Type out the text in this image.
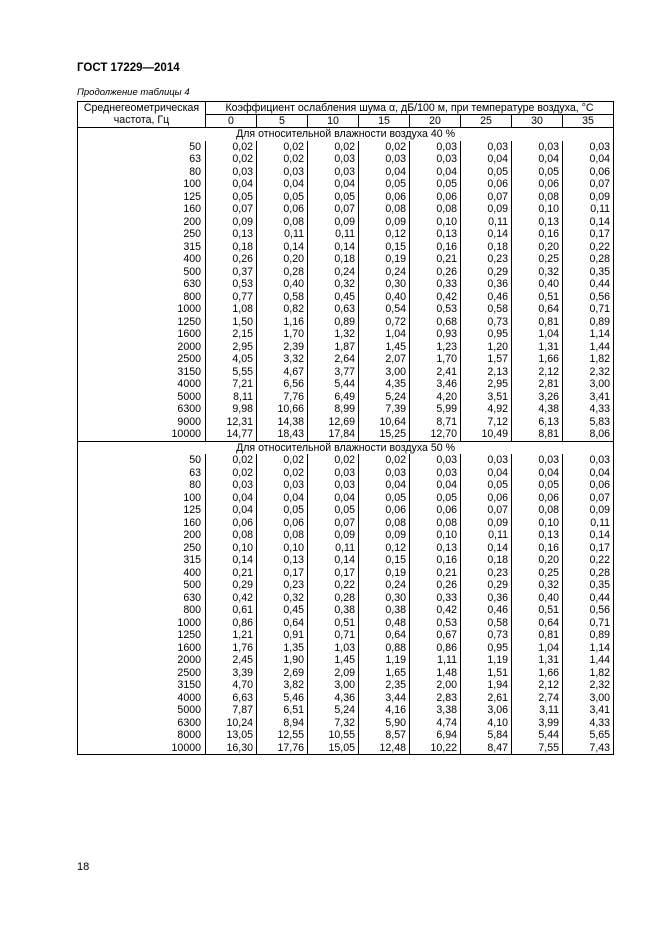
ГОСТ 17229—2014
Продолжение таблицы 4
Среднегеометрическая
частота, Гц	Коэффициент ослабления шума α, дБ/100 м, при температуре воздуха, °С							
	0	5	10	15	20	25	30	35
Для относительной влажности воздуха 40 %								
50	0,02	0,02	0,02	0,02	0,03	0,03	0,03	0,03
63	0,02	0,02	0,03	0,03	0,03	0,04	0,04	0,04
80	0,03	0,03	0,03	0,04	0,04	0,05	0,05	0,06
100	0,04	0,04	0,04	0,05	0,05	0,06	0,06	0,07
125	0,05	0,05	0,05	0,06	0,06	0,07	0,08	0,09
160	0,07	0,06	0,07	0,08	0,08	0,09	0,10	0,11
200	0,09	0,08	0,09	0,09	0,10	0,11	0,13	0,14
250	0,13	0,11	0,11	0,12	0,13	0,14	0,16	0,17
315	0,18	0,14	0,14	0,15	0,16	0,18	0,20	0,22
400	0,26	0,20	0,18	0,19	0,21	0,23	0,25	0,28
500	0,37	0,28	0,24	0,24	0,26	0,29	0,32	0,35
630	0,53	0,40	0,32	0,30	0,33	0,36	0,40	0,44
800	0,77	0,58	0,45	0,40	0,42	0,46	0,51	0,56
1000	1,08	0,82	0,63	0,54	0,53	0,58	0,64	0,71
1250	1,50	1,16	0,89	0,72	0,68	0,73	0,81	0,89
1600	2,15	1,70	1,32	1,04	0,93	0,95	1,04	1,14
2000	2,95	2,39	1,87	1,45	1,23	1,20	1,31	1,44
2500	4,05	3,32	2,64	2,07	1,70	1,57	1,66	1,82
3150	5,55	4,67	3,77	3,00	2,41	2,13	2,12	2,32
4000	7,21	6,56	5,44	4,35	3,46	2,95	2,81	3,00
5000	8,11	7,76	6,49	5,24	4,20	3,51	3,26	3,41
6300	9,98	10,66	8,99	7,39	5,99	4,92	4,38	4,33
9000	12,31	14,38	12,69	10,64	8,71	7,12	6,13	5,83
10000	14,77	18,43	17,84	15,25	12,70	10,49	8,81	8,06
Для относительной влажности воздуха 50 %								
50	0,02	0,02	0,02	0,02	0,03	0,03	0,03	0,03
63	0,02	0,02	0,03	0,03	0,03	0,04	0,04	0,04
80	0,03	0,03	0,03	0,04	0,04	0,05	0,05	0,06
100	0,04	0,04	0,04	0,05	0,05	0,06	0,06	0,07
125	0,04	0,05	0,05	0,06	0,06	0,07	0,08	0,09
160	0,06	0,06	0,07	0,08	0,08	0,09	0,10	0,11
200	0,08	0,08	0,09	0,09	0,10	0,11	0,13	0,14
250	0,10	0,10	0,11	0,12	0,13	0,14	0,16	0,17
315	0,14	0,13	0,14	0,15	0,16	0,18	0,20	0,22
400	0,21	0,17	0,17	0,19	0,21	0,23	0,25	0,28
500	0,29	0,23	0,22	0,24	0,26	0,29	0,32	0,35
630	0,42	0,32	0,28	0,30	0,33	0,36	0,40	0,44
800	0,61	0,45	0,38	0,38	0,42	0,46	0,51	0,56
1000	0,86	0,64	0,51	0,48	0,53	0,58	0,64	0,71
1250	1,21	0,91	0,71	0,64	0,67	0,73	0,81	0,89
1600	1,76	1,35	1,03	0,88	0,86	0,95	1,04	1,14
2000	2,45	1,90	1,45	1,19	1,11	1,19	1,31	1,44
2500	3,39	2,69	2,09	1,65	1,48	1,51	1,66	1,82
3150	4,70	3,82	3,00	2,35	2,00	1,94	2,12	2,32
4000	6,63	5,46	4,36	3,44	2,83	2,61	2,74	3,00
5000	7,87	6,51	5,24	4,16	3,38	3,06	3,11	3,41
6300	10,24	8,94	7,32	5,90	4,74	4,10	3,99	4,33
8000	13,05	12,55	10,55	8,57	6,94	5,84	5,44	5,65
10000	16,30	17,76	15,05	12,48	10,22	8,47	7,55	7,43
18
